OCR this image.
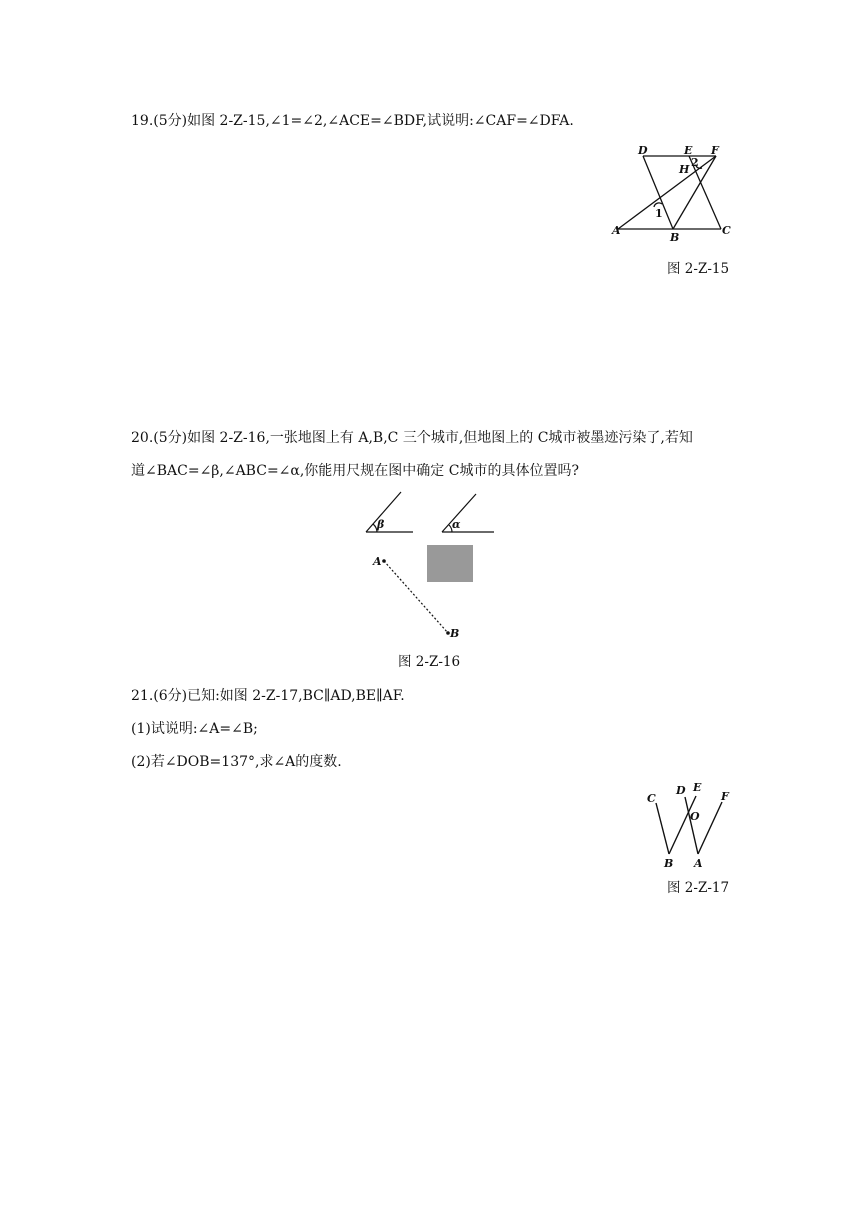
19.(5分)如图 2-Z-15,∠1=∠2,∠ACE=∠BDF,试说明:∠CAF=∠DFA.
D	E F
H
2
1
A
B
C
图 2-Z-15
20.(5分)如图 2-Z-16,一张地图上有 A,B,C 三个城市,但地图上的 C城市被墨迹污染了,若知
道∠BAC=∠β,∠ABC=∠α,你能用尺规在图中确定 C城市的具体位置吗?
β	α
A
B
图 2-Z-16
21.(6分)已知:如图 2-Z-17,BC∥AD,BE∥AF.
(1)试说明:∠A=∠B;
(2)若∠DOB=137°,求∠A的度数.
C
D E
F
O
B A
图 2-Z-17
